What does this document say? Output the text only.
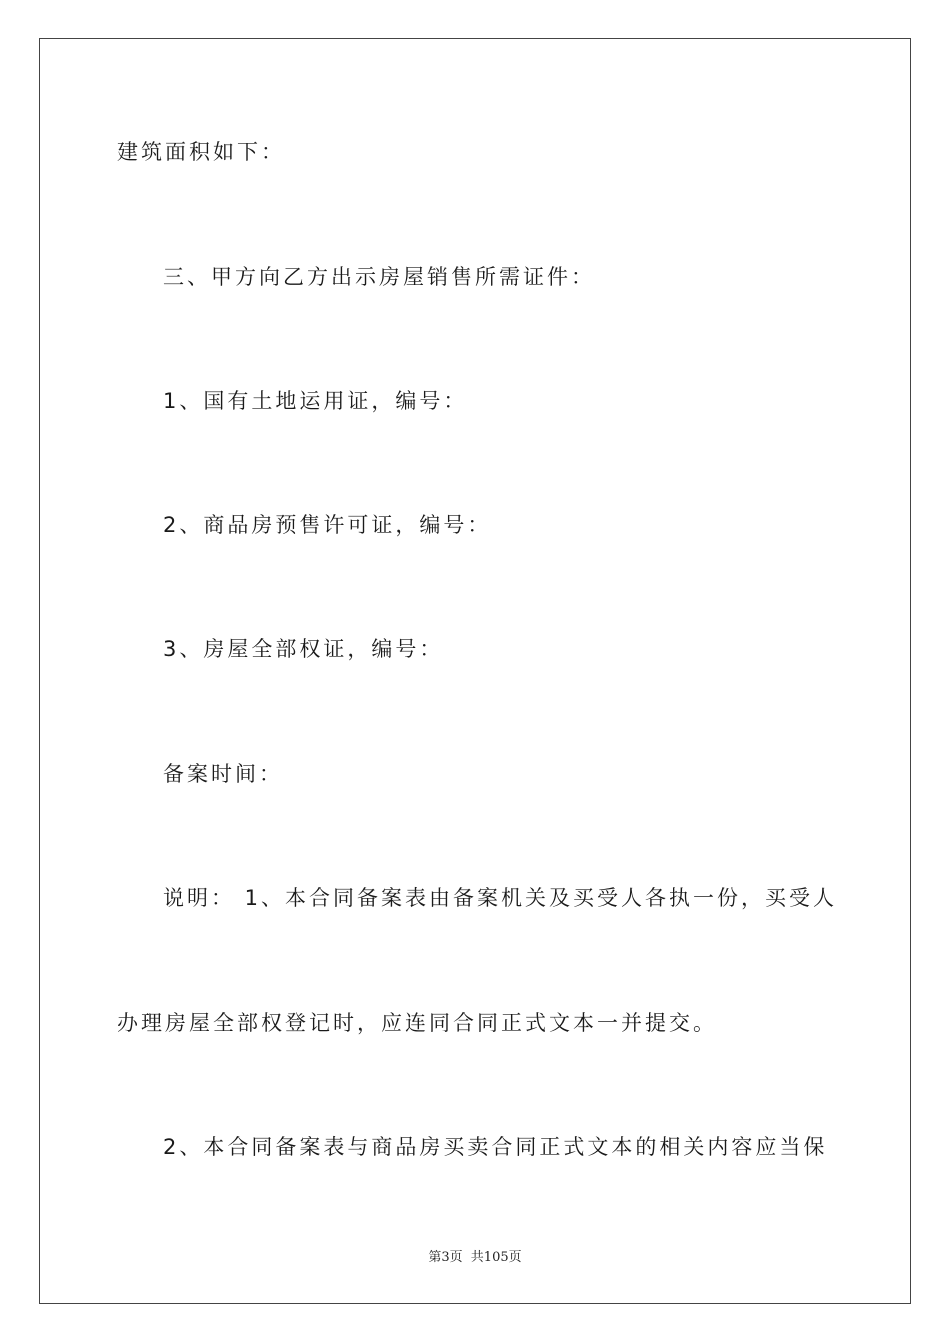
建筑面积如下：
三、甲方向乙方出示房屋销售所需证件：
1、国有土地运用证，编号：
2、商品房预售许可证，编号：
3、房屋全部权证，编号：
备案时间：
说明： 1、本合同备案表由备案机关及买受人各执一份，买受人
办理房屋全部权登记时，应连同合同正式文本一并提交。
2、本合同备案表与商品房买卖合同正式文本的相关内容应当保
第3页 共105页
